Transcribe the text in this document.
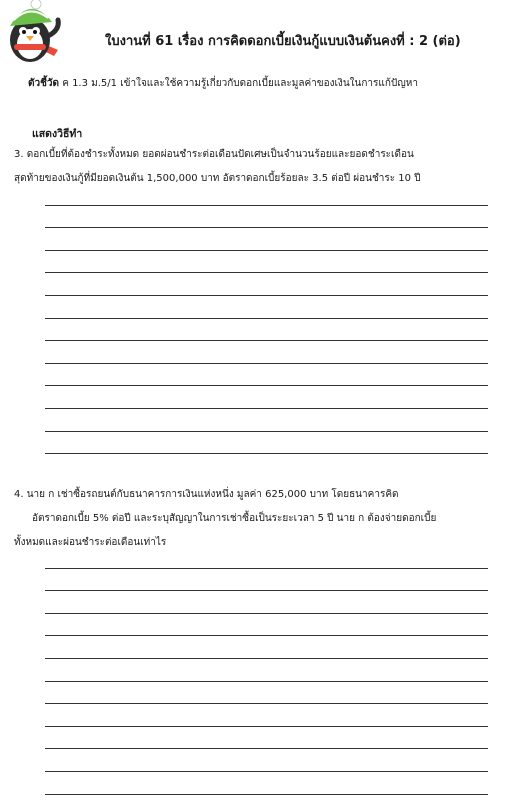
ใบงานที่ 61 เรื่อง การคิดดอกเบี้ยเงินกู้แบบเงินต้นคงที่ : 2 (ต่อ)
ตัวชี้วัด ค 1.3 ม.5/1 เข้าใจและใช้ความรู้เกี่ยวกับดอกเบี้ยและมูลค่าของเงินในการแก้ปัญหา
แสดงวิธีทำ
3. ดอกเบี้ยที่ต้องชำระทั้งหมด ยอดผ่อนชำระต่อเดือนปัดเศษเป็นจำนวนร้อยและยอดชำระเดือน
สุดท้ายของเงินกู้ที่มียอดเงินต้น 1,500,000 บาท อัตราดอกเบี้ยร้อยละ 3.5 ต่อปี ผ่อนชำระ 10 ปี
4. นาย ก เช่าซื้อรถยนต์กับธนาคารการเงินแห่งหนึ่ง มูลค่า 625,000 บาท โดยธนาคารคิด
อัตราดอกเบี้ย 5% ต่อปี และระบุสัญญาในการเช่าซื้อเป็นระยะเวลา 5 ปี นาย ก ต้องจ่ายดอกเบี้ย
ทั้งหมดและผ่อนชำระต่อเดือนเท่าไร
